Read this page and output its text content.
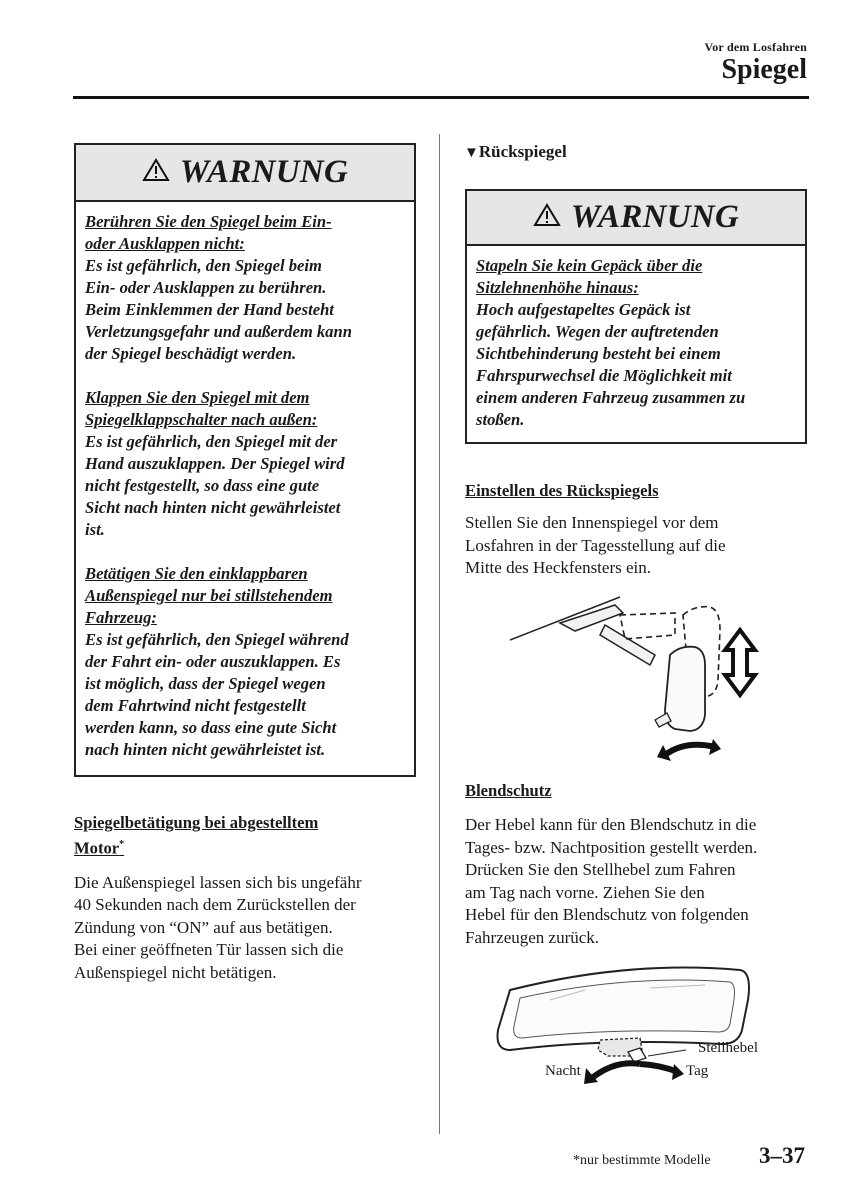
Vor dem Losfahren
Spiegel
WARNUNG

Berühren Sie den Spiegel beim Ein-

oder Ausklappen nicht:

Es ist gefährlich, den Spiegel beim

Ein- oder Ausklappen zu berühren.

Beim Einklemmen der Hand besteht

Verletzungsgefahr und außerdem kann

der Spiegel beschädigt werden.

Klappen Sie den Spiegel mit dem

Spiegelklappschalter nach außen:

Es ist gefährlich, den Spiegel mit der

Hand auszuklappen. Der Spiegel wird

nicht festgestellt, so dass eine gute

Sicht nach hinten nicht gewährleistet

ist.

Betätigen Sie den einklappbaren

Außenspiegel nur bei stillstehendem

Fahrzeug:

Es ist gefährlich, den Spiegel während

der Fahrt ein- oder auszuklappen. Es

ist möglich, dass der Spiegel wegen

dem Fahrtwind nicht festgestellt

werden kann, so dass eine gute Sicht

nach hinten nicht gewährleistet ist.

Spiegelbetätigung bei abgestelltem
Motor*

Die Außenspiegel lassen sich bis ungefähr

40 Sekunden nach dem Zurückstellen der

Zündung von “ON” auf aus betätigen.

Bei einer geöffneten Tür lassen sich die

Außenspiegel nicht betätigen.

▼Rückspiegel
WARNUNG

Stapeln Sie kein Gepäck über die

Sitzlehnenhöhe hinaus:

Hoch aufgestapeltes Gepäck ist

gefährlich. Wegen der auftretenden

Sichtbehinderung besteht bei einem

Fahrspurwechsel die Möglichkeit mit

einem anderen Fahrzeug zusammen zu

stoßen.

Einstellen des Rückspiegels

Stellen Sie den Innenspiegel vor dem

Losfahren in der Tagesstellung auf die

Mitte des Heckfensters ein.

Blendschutz

Der Hebel kann für den Blendschutz in die

Tages- bzw. Nachtposition gestellt werden.

Drücken Sie den Stellhebel zum Fahren

am Tag nach vorne. Ziehen Sie den

Hebel für den Blendschutz von folgenden

Fahrzeugen zurück.

Stellhebel
Nacht	Tag
*nur bestimmte Modelle 3–37
